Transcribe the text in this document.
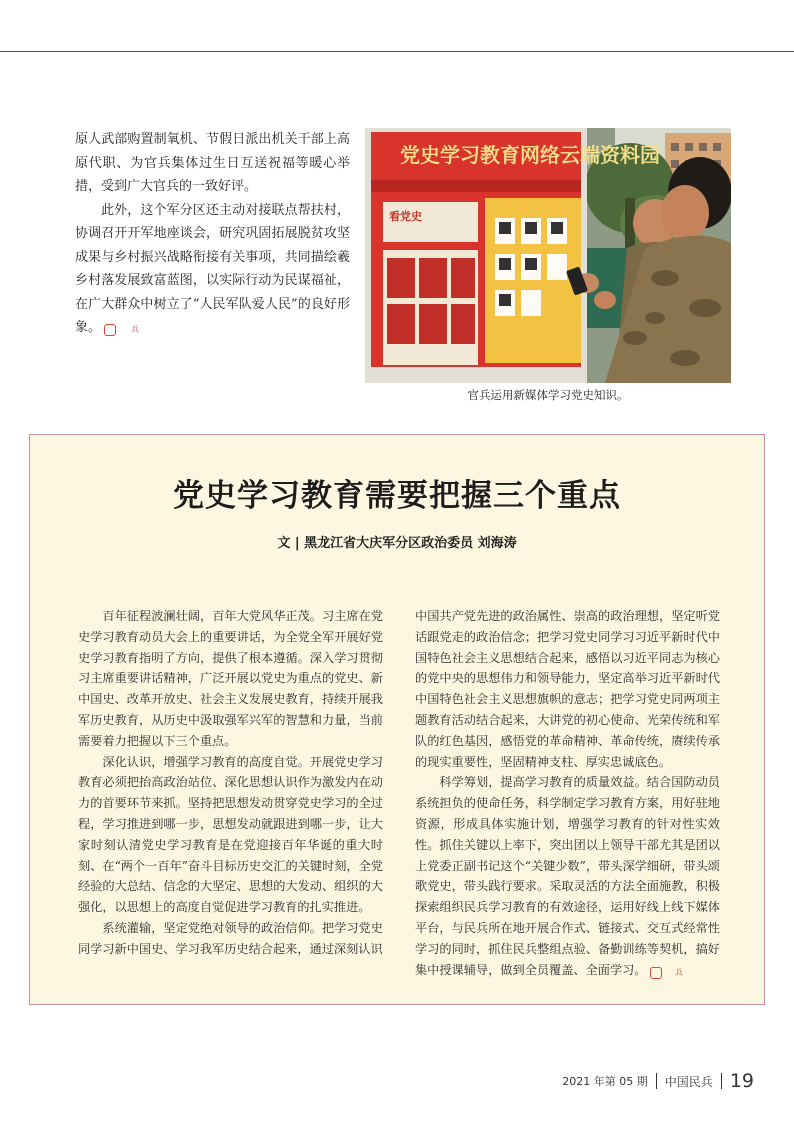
原人武部购置制氧机、节假日派出机关干部上高原代职、为官兵集体过生日互送祝福等暖心举措，受到广大官兵的一致好评。

此外，这个军分区还主动对接联点帮扶村，协调召开开军地座谈会，研究巩固拓展脱贫攻坚成果与乡村振兴战略衔接有关事项，共同描绘羲乡村落发展致富蓝图，以实际行动为民谋福祉，在广大群众中树立了“人民军队爱人民”的良好形象。	兵

党史学习教育网络云端资料园
看党史
官兵运用新媒体学习党史知识。
党史学习教育需要把握三个重点
文 | 黑龙江省大庆军分区政治委员 刘海涛

百年征程波澜壮阔，百年大党风华正茂。习主席在党史学习教育动员大会上的重要讲话，为全党全军开展好党史学习教育指明了方向，提供了根本遵循。深入学习贯彻习主席重要讲话精神，广泛开展以党史为重点的党史、新中国史、改革开放史、社会主义发展史教育，持续开展我军历史教育，从历史中汲取强军兴军的智慧和力量，当前需要着力把握以下三个重点。

深化认识，增强学习教育的高度自觉。开展党史学习教育必须把抬高政治站位、深化思想认识作为激发内在动力的首要环节来抓。坚持把思想发动贯穿党史学习的全过程，学习推进到哪一步，思想发动就跟进到哪一步，让大家时刻认清党史学习教育是在党迎接百年华诞的重大时刻、在“两个一百年”奋斗目标历史交汇的关键时刻，全党经验的大总结、信念的大坚定、思想的大发动、组织的大强化，以思想上的高度自觉促进学习教育的扎实推进。

系统灌输，坚定党绝对领导的政治信仰。把学习党史同学习新中国史、学习我军历史结合起来，通过深刻认识

中国共产党先进的政治属性、崇高的政治理想，坚定听党话跟党走的政治信念；把学习党史同学习习近平新时代中国特色社会主义思想结合起来，感悟以习近平同志为核心的党中央的思想伟力和领导能力，坚定高举习近平新时代中国特色社会主义思想旗帜的意志；把学习党史同两项主题教育活动结合起来，大讲党的初心使命、光荣传统和军队的红色基因，感悟党的革命精神、革命传统，赓续传承的现实重要性，坚固精神支柱、厚实忠诚底色。

科学筹划，提高学习教育的质量效益。结合国防动员系统担负的使命任务，科学制定学习教育方案，用好驻地资源，形成具体实施计划，增强学习教育的针对性实效性。抓住关键以上率下，突出团以上领导干部尤其是团以上党委正副书记这个“关键少数”，带头深学细研，带头颂歌党史，带头践行要求。采取灵活的方法全面施教，积极探索组织民兵学习教育的有效途径，运用好线上线下媒体平台，与民兵所在地开展合作式、链接式、交互式经常性学习的同时，抓住民兵整组点验、备勤训练等契机，搞好集中授课辅导，做到全员覆盖、全面学习。	兵

2021 年第 05 期 中国民兵 19
